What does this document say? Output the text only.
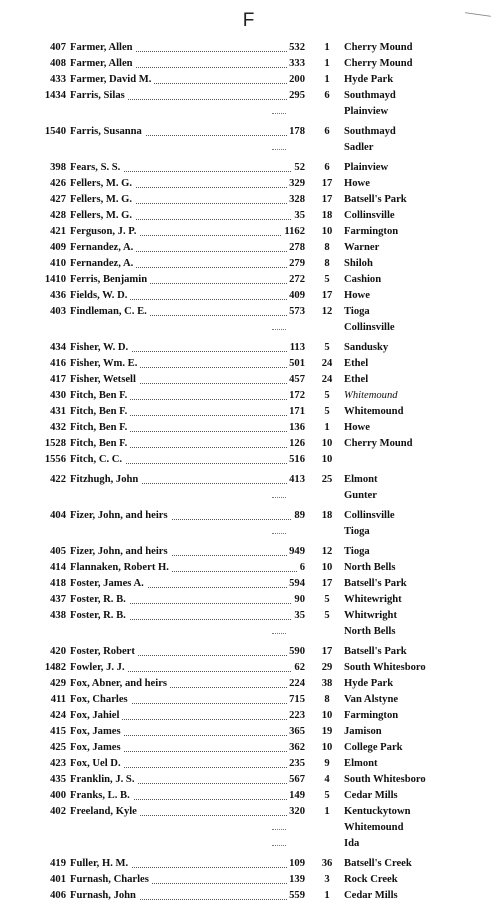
F
407 Farmer, Allen	532	1	Cherry Mound
408 Farmer, Allen	333	1	Cherry Mound
433 Farmer, David M.	200	1	Hyde Park
1434 Farris, Silas	295	6	Southmayd
Plainview
1540 Farris, Susanna	178	6	Southmayd
Sadler
398 Fears, S. S.	52	6	Plainview
426 Fellers, M. G.	329	17	Howe
427 Fellers, M. G.	328	17	Batsell's Park
428 Fellers, M. G.	35	18	Collinsville
421 Ferguson, J. P.	1162	10	Farmington
409 Fernandez, A.	278	8	Warner
410 Fernandez, A.	279	8	Shiloh
1410 Ferris, Benjamin	272	5	Cashion
436 Fields, W. D.	409	17	Howe
403 Findleman, C. E.	573	12	Tioga
Collinsville
434 Fisher, W. D.	113	5	Sandusky
416 Fisher, Wm. E.	501	24	Ethel
417 Fisher, Wetsell	457	24	Ethel
430 Fitch, Ben F.	172	5	Whitemound
431 Fitch, Ben F.	171	5	Whitemound
432 Fitch, Ben F.	136	1	Howe
1528 Fitch, Ben F.	126	10	Cherry Mound
1556 Fitch, C. C.	516	10
422 Fitzhugh, John	413	25	Elmont
Gunter
404 Fizer, John, and heirs	89	18	Collinsville
Tioga
405 Fizer, John, and heirs	949	12	Tioga
414 Flannaken, Robert H.	6	10	North Bells
418 Foster, James A.	594	17	Batsell's Park
437 Foster, R. B.	90	5	Whitewright
438 Foster, R. B.	35	5	Whitwright
North Bells
420 Foster, Robert	590	17	Batsell's Park
1482 Fowler, J. J.	62	29	South Whitesboro
429 Fox, Abner, and heirs	224	38	Hyde Park
411 Fox, Charles	715	8	Van Alstyne
424 Fox, Jahiel	223	10	Farmington
415 Fox, James	365	19	Jamison
425 Fox, James	362	10	College Park
423 Fox, Uel D.	235	9	Elmont
435 Franklin, J. S.	567	4	South Whitesboro
400 Franks, L. B.	149	5	Cedar Mills
402 Freeland, Kyle	320	1	Kentuckytown
Whitemound
Ida
419 Fuller, H. M.	109	36	Batsell's Creek
401 Furnash, Charles	139	3	Rock Creek
406 Furnash, John	559	1	Cedar Mills
